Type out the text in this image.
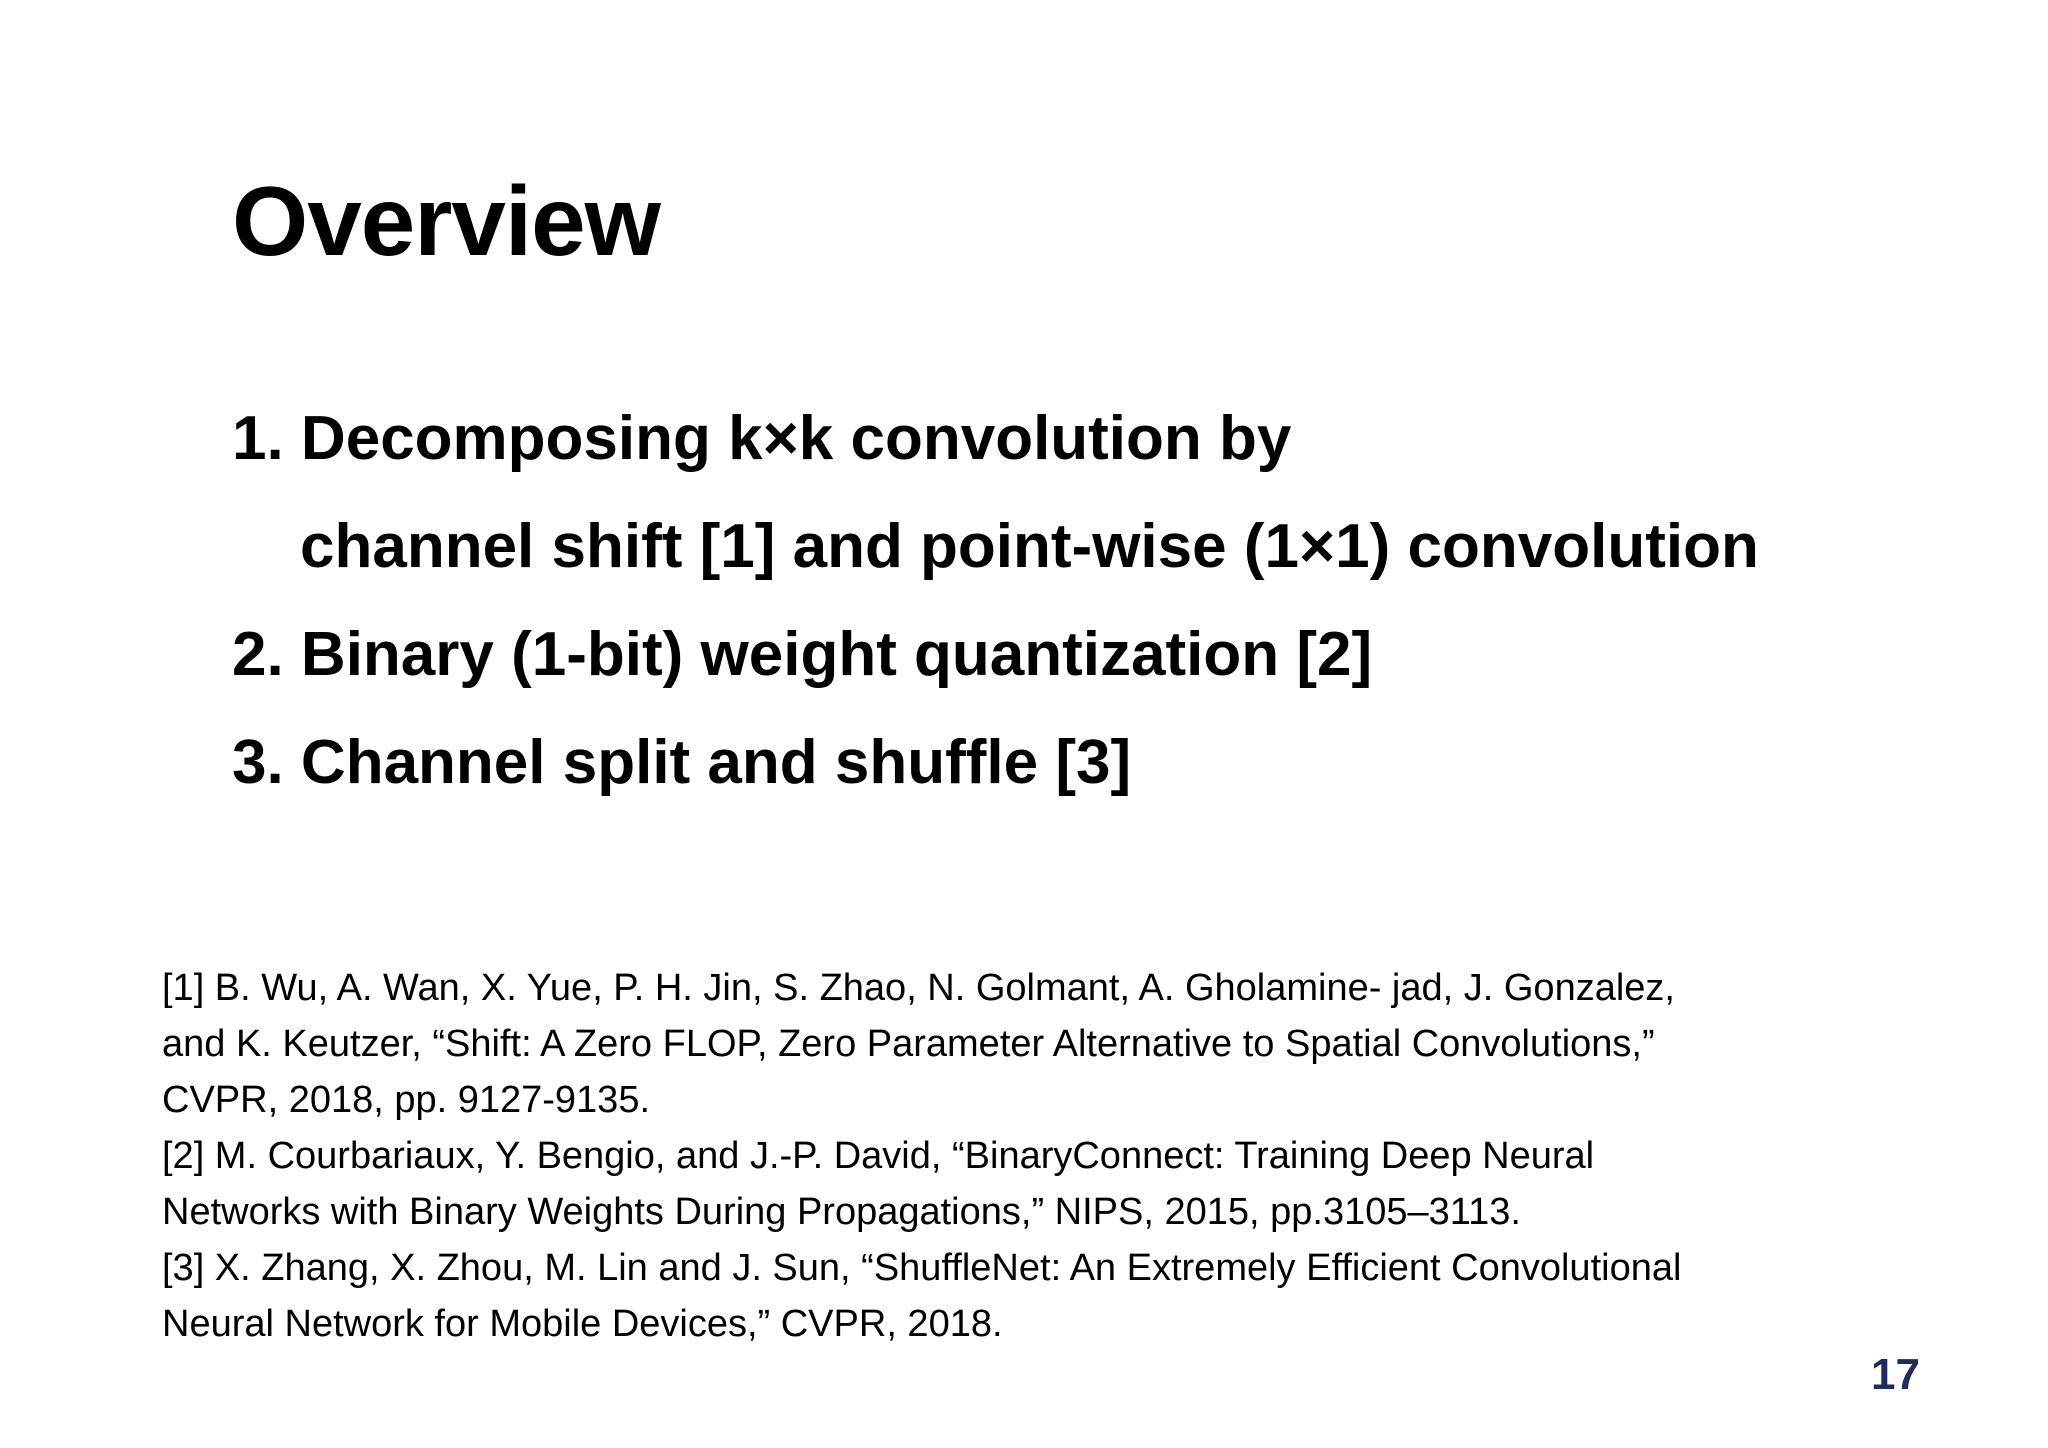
Overview
1. Decomposing k×k convolution by
channel shift [1] and point-wise (1×1) convolution
2. Binary (1-bit) weight quantization [2]
3. Channel split and shuffle [3]
[1] B. Wu, A. Wan, X. Yue, P. H. Jin, S. Zhao, N. Golmant, A. Gholamine- jad, J. Gonzalez,
and K. Keutzer, “Shift: A Zero FLOP, Zero Parameter Alternative to Spatial Convolutions,”
CVPR, 2018, pp. 9127-9135.
[2] M. Courbariaux, Y. Bengio, and J.-P. David, “BinaryConnect: Training Deep Neural
Networks with Binary Weights During Propagations,” NIPS, 2015, pp.3105–3113.
[3] X. Zhang, X. Zhou, M. Lin and J. Sun, “ShuffleNet: An Extremely Efficient Convolutional
Neural Network for Mobile Devices,” CVPR, 2018.
17
